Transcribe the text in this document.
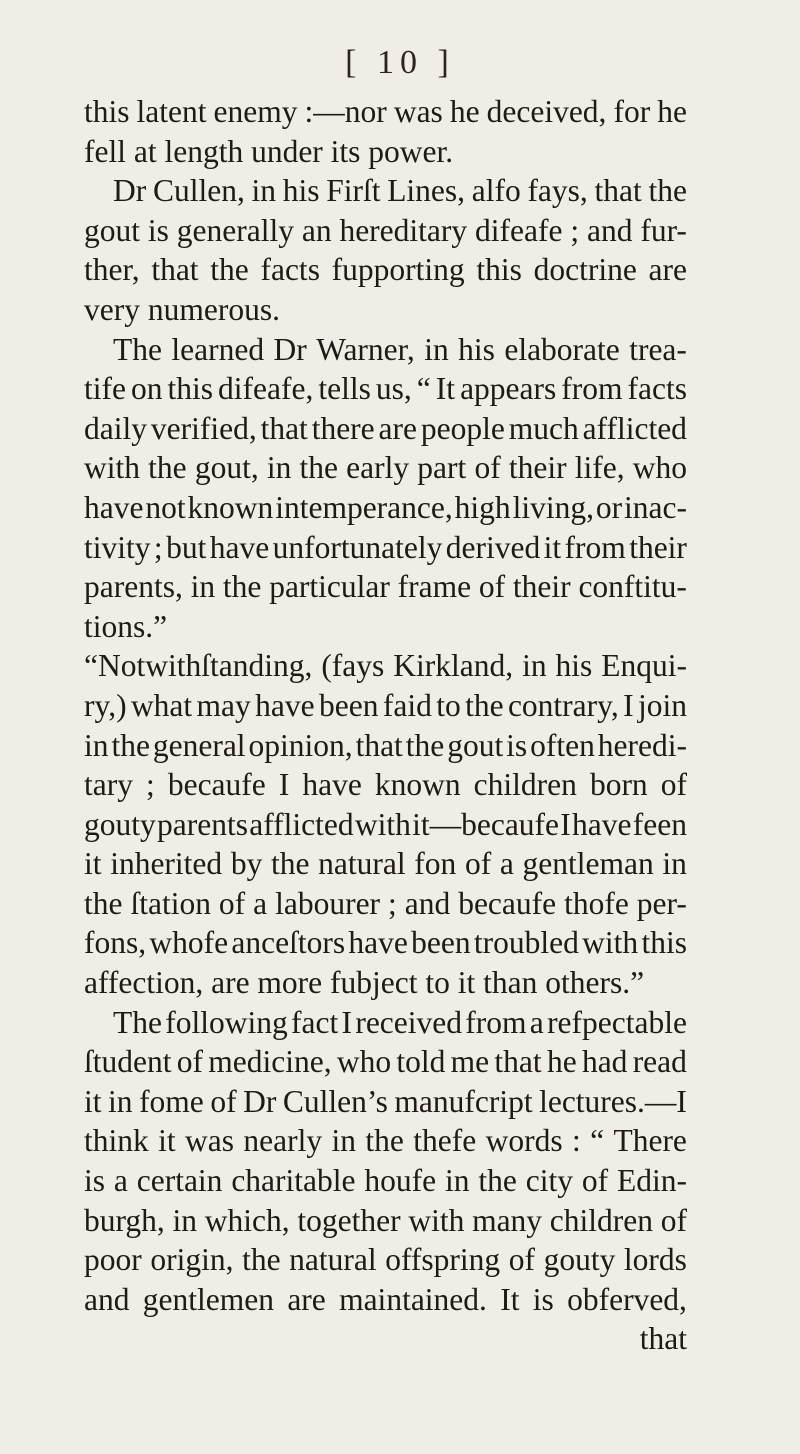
[ 10 ]
this latent enemy :—nor was he deceived, for he
fell at length under its power.
Dr Cullen, in his Firſt Lines, alfo fays, that the
gout is generally an hereditary difeafe ; and fur-
ther, that the facts fupporting this doctrine are
very numerous.
The learned Dr Warner, in his elaborate trea-
tife on this difeafe, tells us, “ It appears from facts
daily verified, that there are people much afflicted
with the gout, in the early part of their life, who
have not known intemperance, high living, or inac-
tivity ; but have unfortunately derived it from their
parents, in the particular frame of their conftitu-
tions.”
“Notwithſtanding, (fays Kirkland, in his Enqui-
ry,) what may have been faid to the contrary, I join
in the general opinion, that the gout is often heredi-
tary ; becaufe I have known children born of
gouty parents afflicted with it—becaufe I have feen
it inherited by the natural fon of a gentleman in
the ſtation of a labourer ; and becaufe thofe per-
fons, whofe anceſtors have been troubled with this
affection, are more fubject to it than others.”
The following fact I received from a refpectable
ſtudent of medicine, who told me that he had read
it in fome of Dr Cullen’s manufcript lectures.—I
think it was nearly in the thefe words : “ There
is a certain charitable houfe in the city of Edin-
burgh, in which, together with many children of
poor origin, the natural offspring of gouty lords
and gentlemen are maintained. It is obferved,
that
